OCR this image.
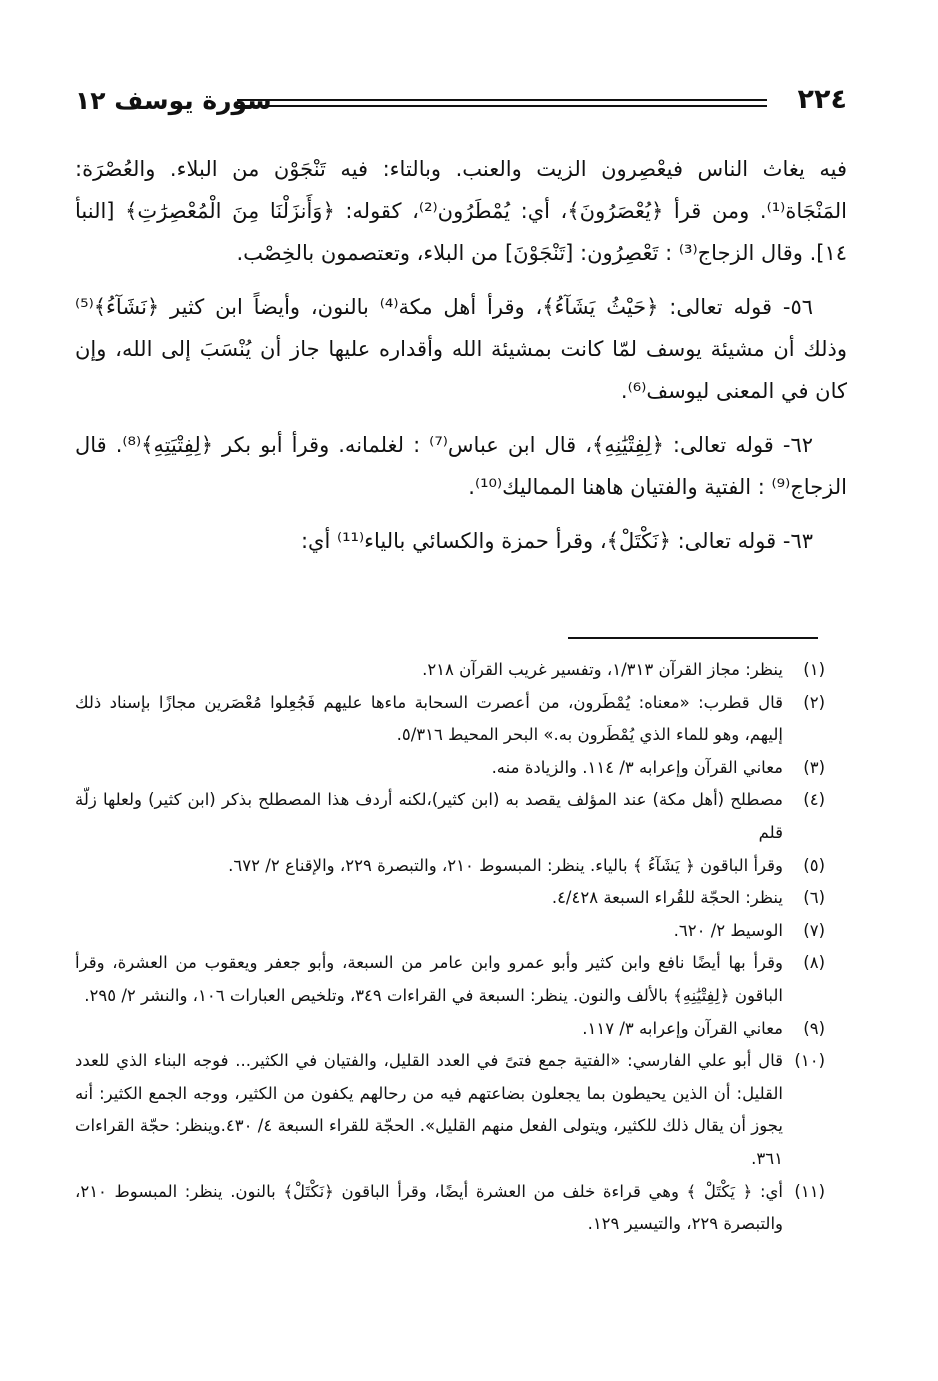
سورة يوسف ١٢	٢٢٤

فيه يغاث الناس فيعْصِرون الزيت والعنب. وبالتاء: فيه تَنْجَوْن من البلاء. والعُصْرَة: المَنْجَاة⁽¹⁾. ومن قرأ ﴿يُعْصَرُونَ﴾، أي: يُمْطَرُون⁽²⁾، كقوله: ﴿وَأَنزَلْنَا مِنَ الْمُعْصِرَٰتِ﴾ [النبأ ١٤]. وقال الزجاج⁽³⁾ : تَعْصِرُون: [تَنْجَوْنَ] من البلاء، وتعتصمون بالخِصْب.

٥٦- قوله تعالى: ﴿حَيْثُ يَشَآءُ﴾، وقرأ أهل مكة⁽⁴⁾ بالنون، وأيضاً ابن كثير ﴿نَشَآءُ﴾⁽⁵⁾ وذلك أن مشيئة يوسف لمّا كانت بمشيئة الله وأقداره عليها جاز أن يُنْسَبَ إلى الله، وإن كان في المعنى ليوسف⁽⁶⁾.

٦٢- قوله تعالى: ﴿لِفِتْيَٰنِهِ﴾، قال ابن عباس⁽⁷⁾ : لغلمانه. وقرأ أبو بكر ﴿لِفِتْيَتِهِ﴾⁽⁸⁾. قال الزجاج⁽⁹⁾ : الفتية والفتيان هاهنا المماليك⁽¹⁰⁾.

٦٣- قوله تعالى: ﴿نَكْتَلْ﴾، وقرأ حمزة والكسائي بالياء⁽¹¹⁾ أي:

(١)
ينظر: مجاز القرآن ١/٣١٣، وتفسير غريب القرآن ٢١٨.
(٢)
قال قطرب: «معناه: يُمْطَرون، من أعصرت السحابة ماءها عليهم فَجُعِلوا مُعْصَرين مجازًا بإسناد ذلك إليهم، وهو للماء الذي يُمْطَرون به.» البحر المحيط ٥/٣١٦.
(٣)
معاني القرآن وإعرابه ٣/ ١١٤. والزيادة منه.
(٤)
مصطلح (أهل مكة) عند المؤلف يقصد به (ابن كثير)،لكنه أردف هذا المصطلح بذكر (ابن كثير) ولعلها زلّة قلم
(٥)
وقرأ الباقون ﴿ يَشَآءُ ﴾ بالياء. ينظر: المبسوط ٢١٠، والتبصرة ٢٢٩، والإقناع ٢/ ٦٧٢.
(٦)
ينظر: الحجّة للقُراء السبعة ٤/٤٢٨.
(٧)
الوسيط ٢/ ٦٢٠.
(٨)
وقرأ بها أيضًا نافع وابن كثير وأبو عمرو وابن عامر من السبعة، وأبو جعفر ويعقوب من العشرة، وقرأ الباقون ﴿لِفِتْيَٰنِهِ﴾ بالألف والنون. ينظر: السبعة في القراءات ٣٤٩، وتلخيص العبارات ١٠٦، والنشر ٢/ ٢٩٥.
(٩)
معاني القرآن وإعرابه ٣/ ١١٧.
(١٠)
قال أبو علي الفارسي: «الفتية جمع فتىً في العدد القليل، والفتيان في الكثير... فوجه البناء الذي للعدد القليل: أن الذين يحيطون بما يجعلون بضاعتهم فيه من رحالهم يكفون من الكثير، ووجه الجمع الكثير: أنه يجوز أن يقال ذلك للكثير، ويتولى الفعل منهم القليل». الحجّة للقراء السبعة ٤/ ٤٣٠.وينظر: حجّة القراءات ٣٦١.
(١١)
أي: ﴿ يَكْتَلْ ﴾ وهي قراءة خلف من العشرة أيضًا، وقرأ الباقون ﴿نَكْتَلْ﴾ بالنون. ينظر: المبسوط ٢١٠، والتبصرة ٢٢٩، والتيسير ١٢٩.
